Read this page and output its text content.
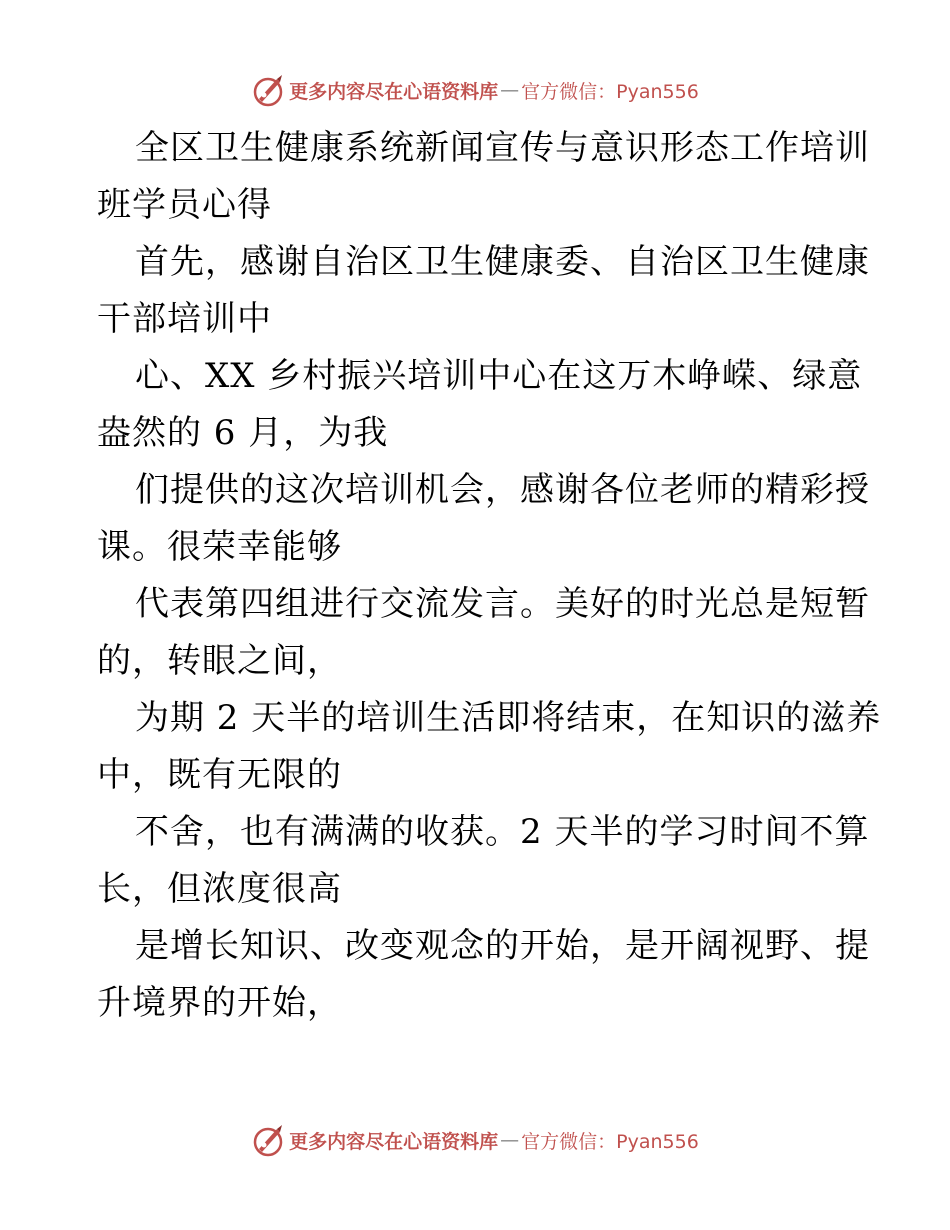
更多内容尽在心语资料库 — 官方微信：Pyan556
全区卫生健康系统新闻宣传与意识形态工作培训
班学员心得
首先，感谢自治区卫生健康委、自治区卫生健康
干部培训中
心、XX 乡村振兴培训中心在这万木峥嵘、绿意
盎然的 6 月，为我
们提供的这次培训机会，感谢各位老师的精彩授
课。很荣幸能够
代表第四组进行交流发言。美好的时光总是短暂
的，转眼之间，
为期 2 天半的培训生活即将结束，在知识的滋养
中，既有无限的
不舍，也有满满的收获。2 天半的学习时间不算
长，但浓度很高
是增长知识、改变观念的开始，是开阔视野、提
升境界的开始，
更多内容尽在心语资料库 — 官方微信：Pyan556
